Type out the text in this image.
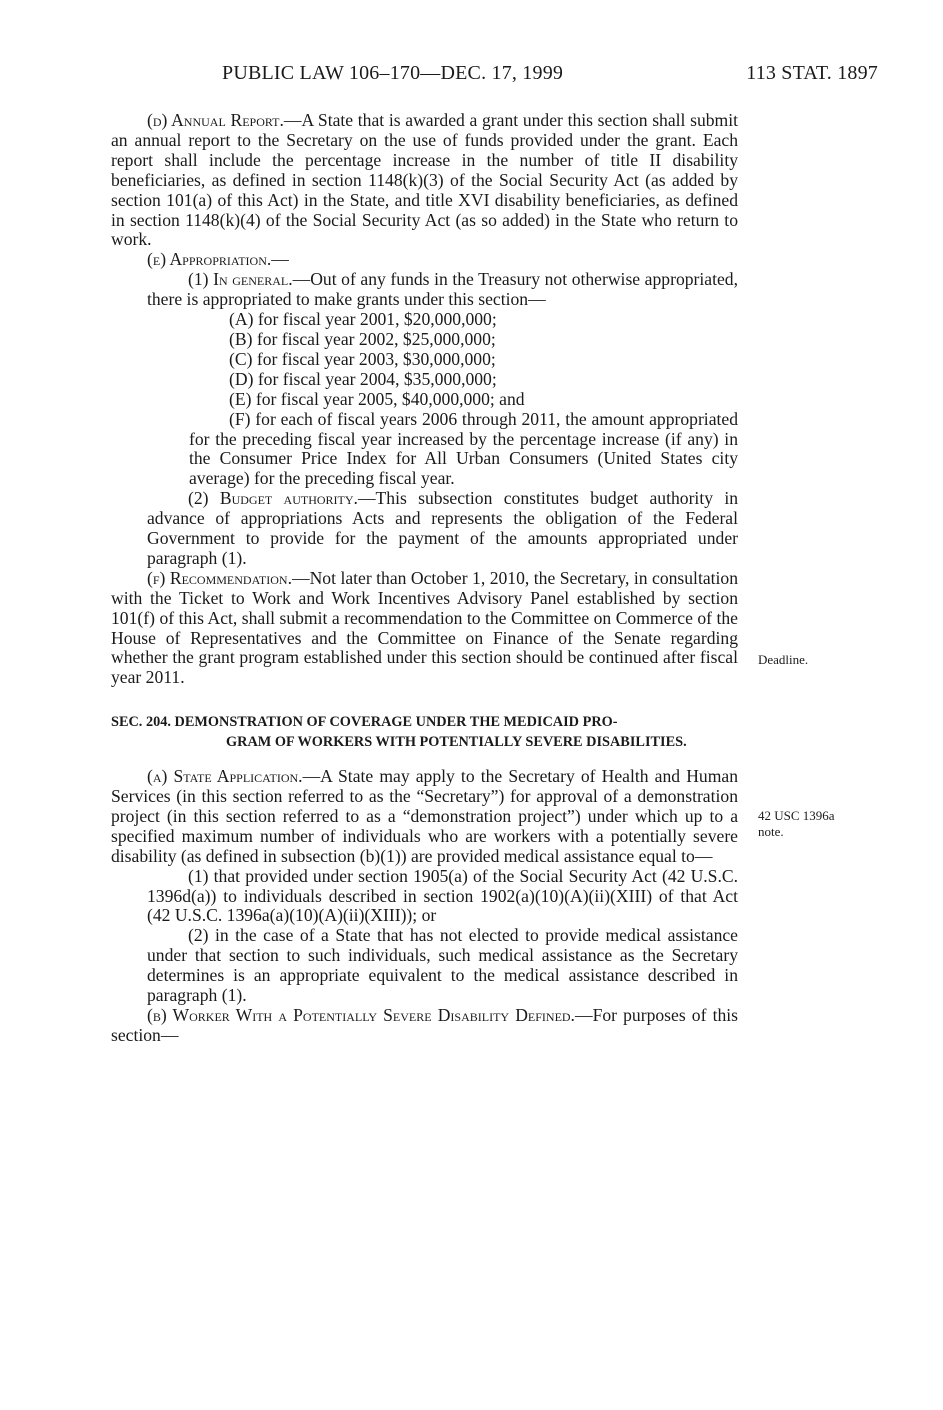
PUBLIC LAW 106–170—DEC. 17, 1999	113 STAT. 1897
Deadline.
42 USC 1396a
note.

(d) Annual Report.—A State that is awarded a grant under this section shall submit an annual report to the Secretary on the use of funds provided under the grant. Each report shall include the percentage increase in the number of title II disability beneficiaries, as defined in section 1148(k)(3) of the Social Security Act (as added by section 101(a) of this Act) in the State, and title XVI disability beneficiaries, as defined in section 1148(k)(4) of the Social Security Act (as so added) in the State who return to work.

(e) Appropriation.—

(1) In general.—Out of any funds in the Treasury not otherwise appropriated, there is appropriated to make grants under this section—

(A) for fiscal year 2001, $20,000,000;

(B) for fiscal year 2002, $25,000,000;

(C) for fiscal year 2003, $30,000,000;

(D) for fiscal year 2004, $35,000,000;

(E) for fiscal year 2005, $40,000,000; and

(F) for each of fiscal years 2006 through 2011, the amount appropriated for the preceding fiscal year increased by the percentage increase (if any) in the Consumer Price Index for All Urban Consumers (United States city average) for the preceding fiscal year.

(2) Budget authority.—This subsection constitutes budget authority in advance of appropriations Acts and represents the obligation of the Federal Government to provide for the payment of the amounts appropriated under paragraph (1).

(f) Recommendation.—Not later than October 1, 2010, the Secretary, in consultation with the Ticket to Work and Work Incentives Advisory Panel established by section 101(f) of this Act, shall submit a recommendation to the Committee on Commerce of the House of Representatives and the Committee on Finance of the Senate regarding whether the grant program established under this section should be continued after fiscal year 2011.

SEC. 204. DEMONSTRATION OF COVERAGE UNDER THE MEDICAID PRO-
GRAM OF WORKERS WITH POTENTIALLY SEVERE DISABILITIES.

(a) State Application.—A State may apply to the Secretary of Health and Human Services (in this section referred to as the “Secretary”) for approval of a demonstration project (in this section referred to as a “demonstration project”) under which up to a specified maximum number of individuals who are workers with a potentially severe disability (as defined in subsection (b)(1)) are provided medical assistance equal to—

(1) that provided under section 1905(a) of the Social Security Act (42 U.S.C. 1396d(a)) to individuals described in section 1902(a)(10)(A)(ii)(XIII) of that Act (42 U.S.C. 1396a(a)(10)(A)(ii)(XIII)); or

(2) in the case of a State that has not elected to provide medical assistance under that section to such individuals, such medical assistance as the Secretary determines is an appropriate equivalent to the medical assistance described in paragraph (1).

(b) Worker With a Potentially Severe Disability Defined.—For purposes of this section—
